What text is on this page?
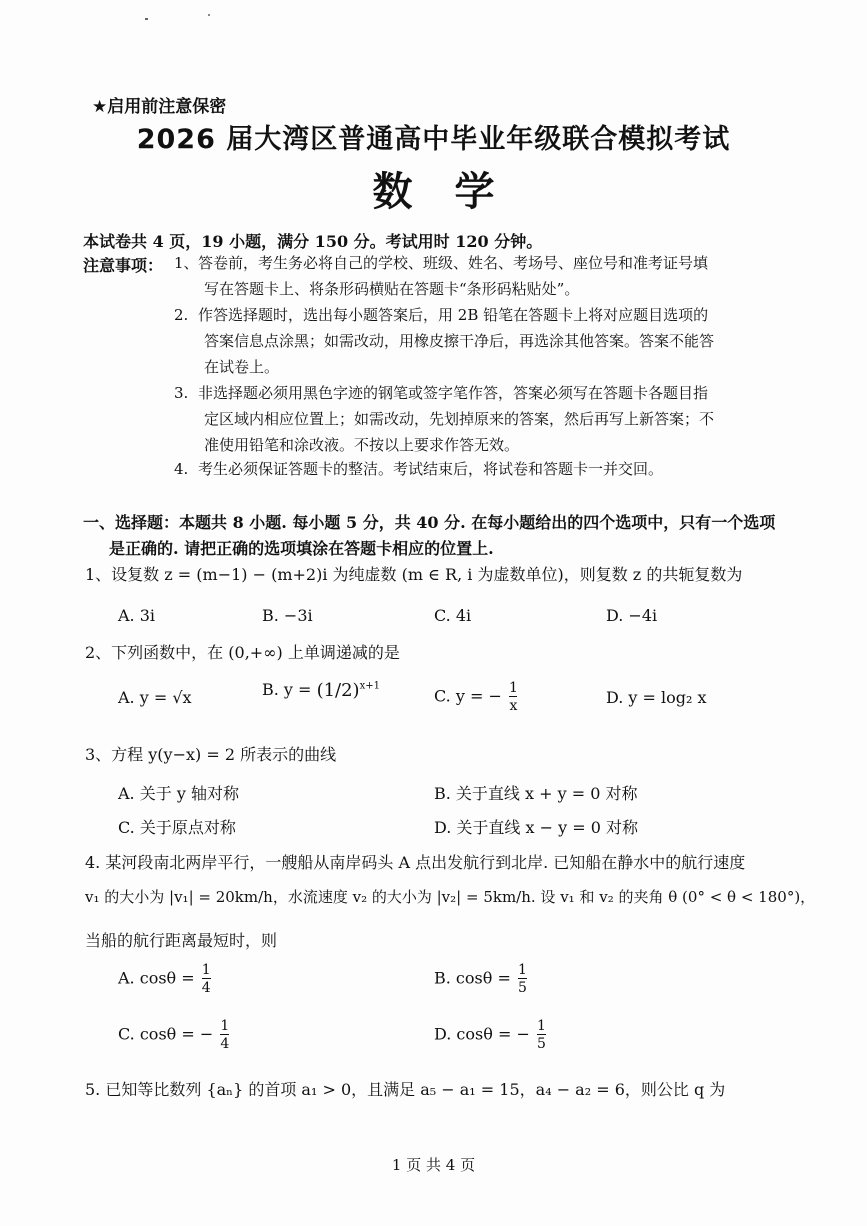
★启用前注意保密
2026 届大湾区普通高中毕业年级联合模拟考试
数学
本试卷共 4 页，19 小题，满分 150 分。考试用时 120 分钟。
注意事项： 1、答卷前，考生务必将自己的学校、班级、姓名、考场号、座位号和准考证号填
写在答题卡上、将条形码横贴在答题卡“条形码粘贴处”。
2. 作答选择题时，选出每小题答案后，用 2B 铅笔在答题卡上将对应题目选项的
答案信息点涂黑；如需改动，用橡皮擦干净后，再选涂其他答案。答案不能答
在试卷上。
3. 非选择题必须用黑色字迹的钢笔或签字笔作答，答案必须写在答题卡各题目指
定区域内相应位置上；如需改动，先划掉原来的答案，然后再写上新答案；不
准使用铅笔和涂改液。不按以上要求作答无效。
4. 考生必须保证答题卡的整洁。考试结束后，将试卷和答题卡一并交回。
一、选择题：本题共 8 小题. 每小题 5 分，共 40 分. 在每小题给出的四个选项中，只有一个选项
是正确的. 请把正确的选项填涂在答题卡相应的位置上.
1、设复数 z = (m−1) − (m+2)i 为纯虚数 (m ∈ R, i 为虚数单位)，则复数 z 的共轭复数为
A. 3i	B. −3i	C. 4i	D. −4i
2、下列函数中，在 (0,+∞) 上单调递减的是
A. y = √x	B. $y = (1/2)^{x+1}$
C. y = − $\frac{1}{x}$	D. y = log₂ x
3、方程 y(y−x) = 2 所表示的曲线
A. 关于 y 轴对称	B. 关于直线 x + y = 0 对称
C. 关于原点对称	D. 关于直线 x − y = 0 对称
4. 某河段南北两岸平行，一艘船从南岸码头 A 点出发航行到北岸. 已知船在静水中的航行速度
v₁ 的大小为 |v₁| = 20km/h，水流速度 v₂ 的大小为 |v₂| = 5km/h. 设 v₁ 和 v₂ 的夹角 θ (0° < θ < 180°)，
当船的航行距离最短时，则
A. $\cos\theta = \frac{1}{4}$	B. $\cos\theta = \frac{1}{5}$
C. cosθ = − $\frac{1}{4}$	D. cosθ = − $\frac{1}{5}$
5. 已知等比数列 {aₙ} 的首项 a₁ > 0，且满足 a₅ − a₁ = 15，a₄ − a₂ = 6，则公比 q 为
1 页 共 4 页
